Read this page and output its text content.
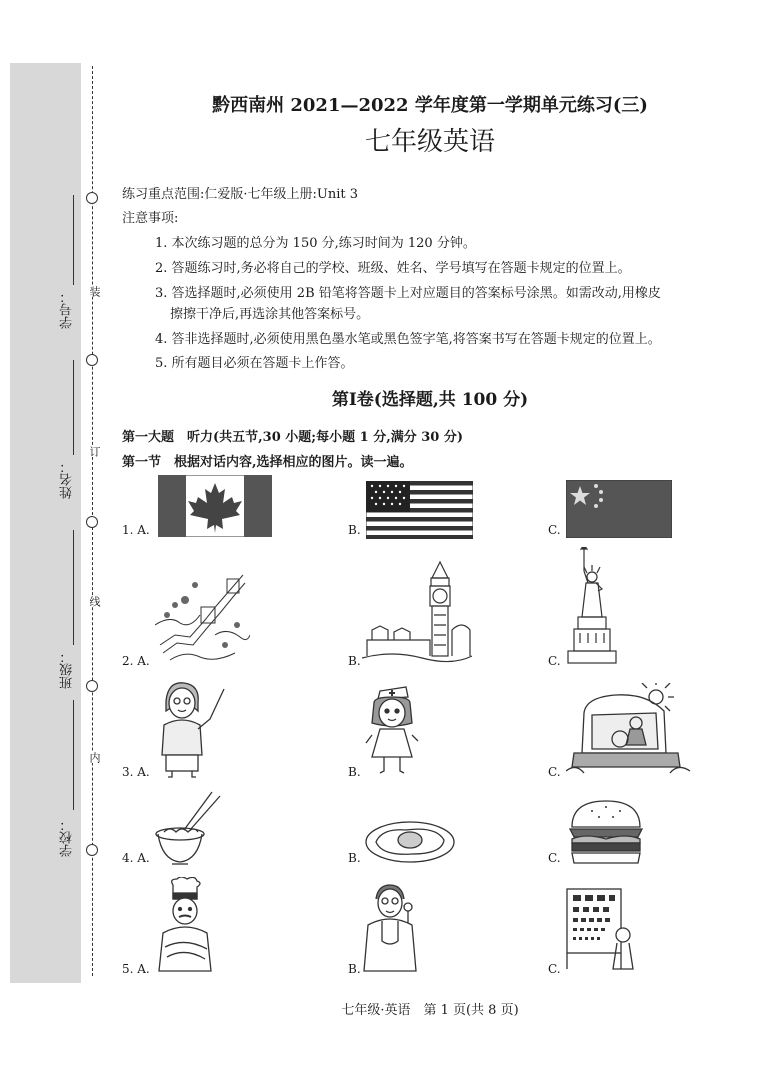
装
订
线
内
学校：
班级：
姓名：
学号：
黔西南州 2021—2022 学年度第一学期单元练习(三)
七年级英语
练习重点范围:仁爱版·七年级上册:Unit 3
注意事项:
1. 本次练习题的总分为 150 分,练习时间为 120 分钟。
2. 答题练习时,务必将自己的学校、班级、姓名、学号填写在答题卡规定的位置上。
3. 答选择题时,必须使用 2B 铅笔将答题卡上对应题目的答案标号涂黑。如需改动,用橡皮
擦擦干净后,再选涂其他答案标号。
4. 答非选择题时,必须使用黑色墨水笔或黑色签字笔,将答案书写在答题卡规定的位置上。
5. 所有题目必须在答题卡上作答。
第Ⅰ卷(选择题,共 100 分)
第一大题　听力(共五节,30 小题;每小题 1 分,满分 30 分)
第一节　根据对话内容,选择相应的图片。读一遍。
1. A.	B.	C.
2. A.	B.	C.
3. A.	B.	C.
4. A.	B.	C.
5. A.	B.	C.
七年级·英语　第 1 页(共 8 页)
